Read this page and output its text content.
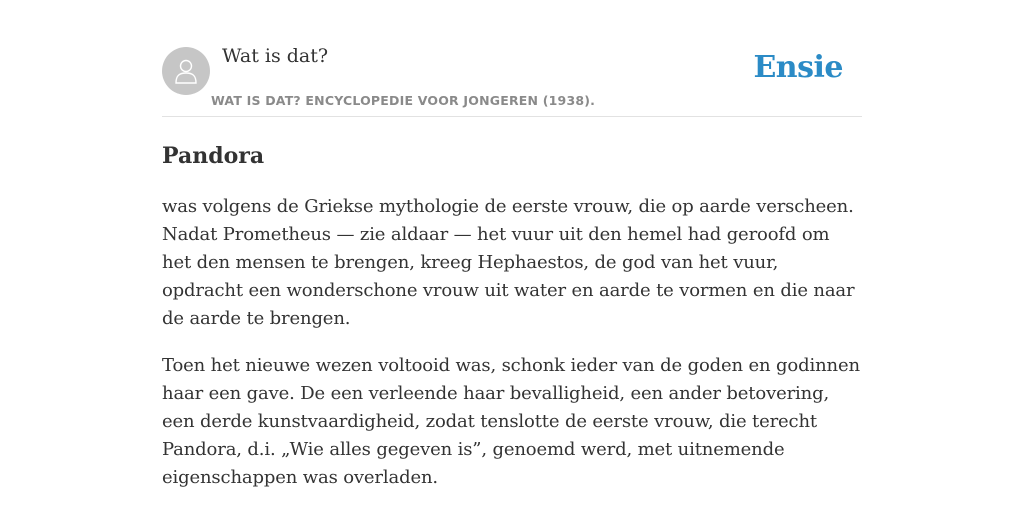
Wat is dat?
WAT IS DAT? ENCYCLOPEDIE VOOR JONGEREN (1938).
Ensie
Pandora

was volgens de Griekse mythologie de eerste vrouw, die op aarde verscheen. Nadat Prometheus — zie aldaar — het vuur uit den hemel had geroofd om het den mensen te brengen, kreeg Hephaestos, de god van het vuur, opdracht een wonderschone vrouw uit water en aarde te vormen en die naar de aarde te brengen.

Toen het nieuwe wezen voltooid was, schonk ieder van de goden en godinnen haar een gave. De een verleende haar bevalligheid, een ander betovering, een derde kunstvaardigheid, zodat tenslotte de eerste vrouw, die terecht Pandora, d.i. „Wie alles gegeven is”, genoemd werd, met uitnemende eigenschappen was overladen.
